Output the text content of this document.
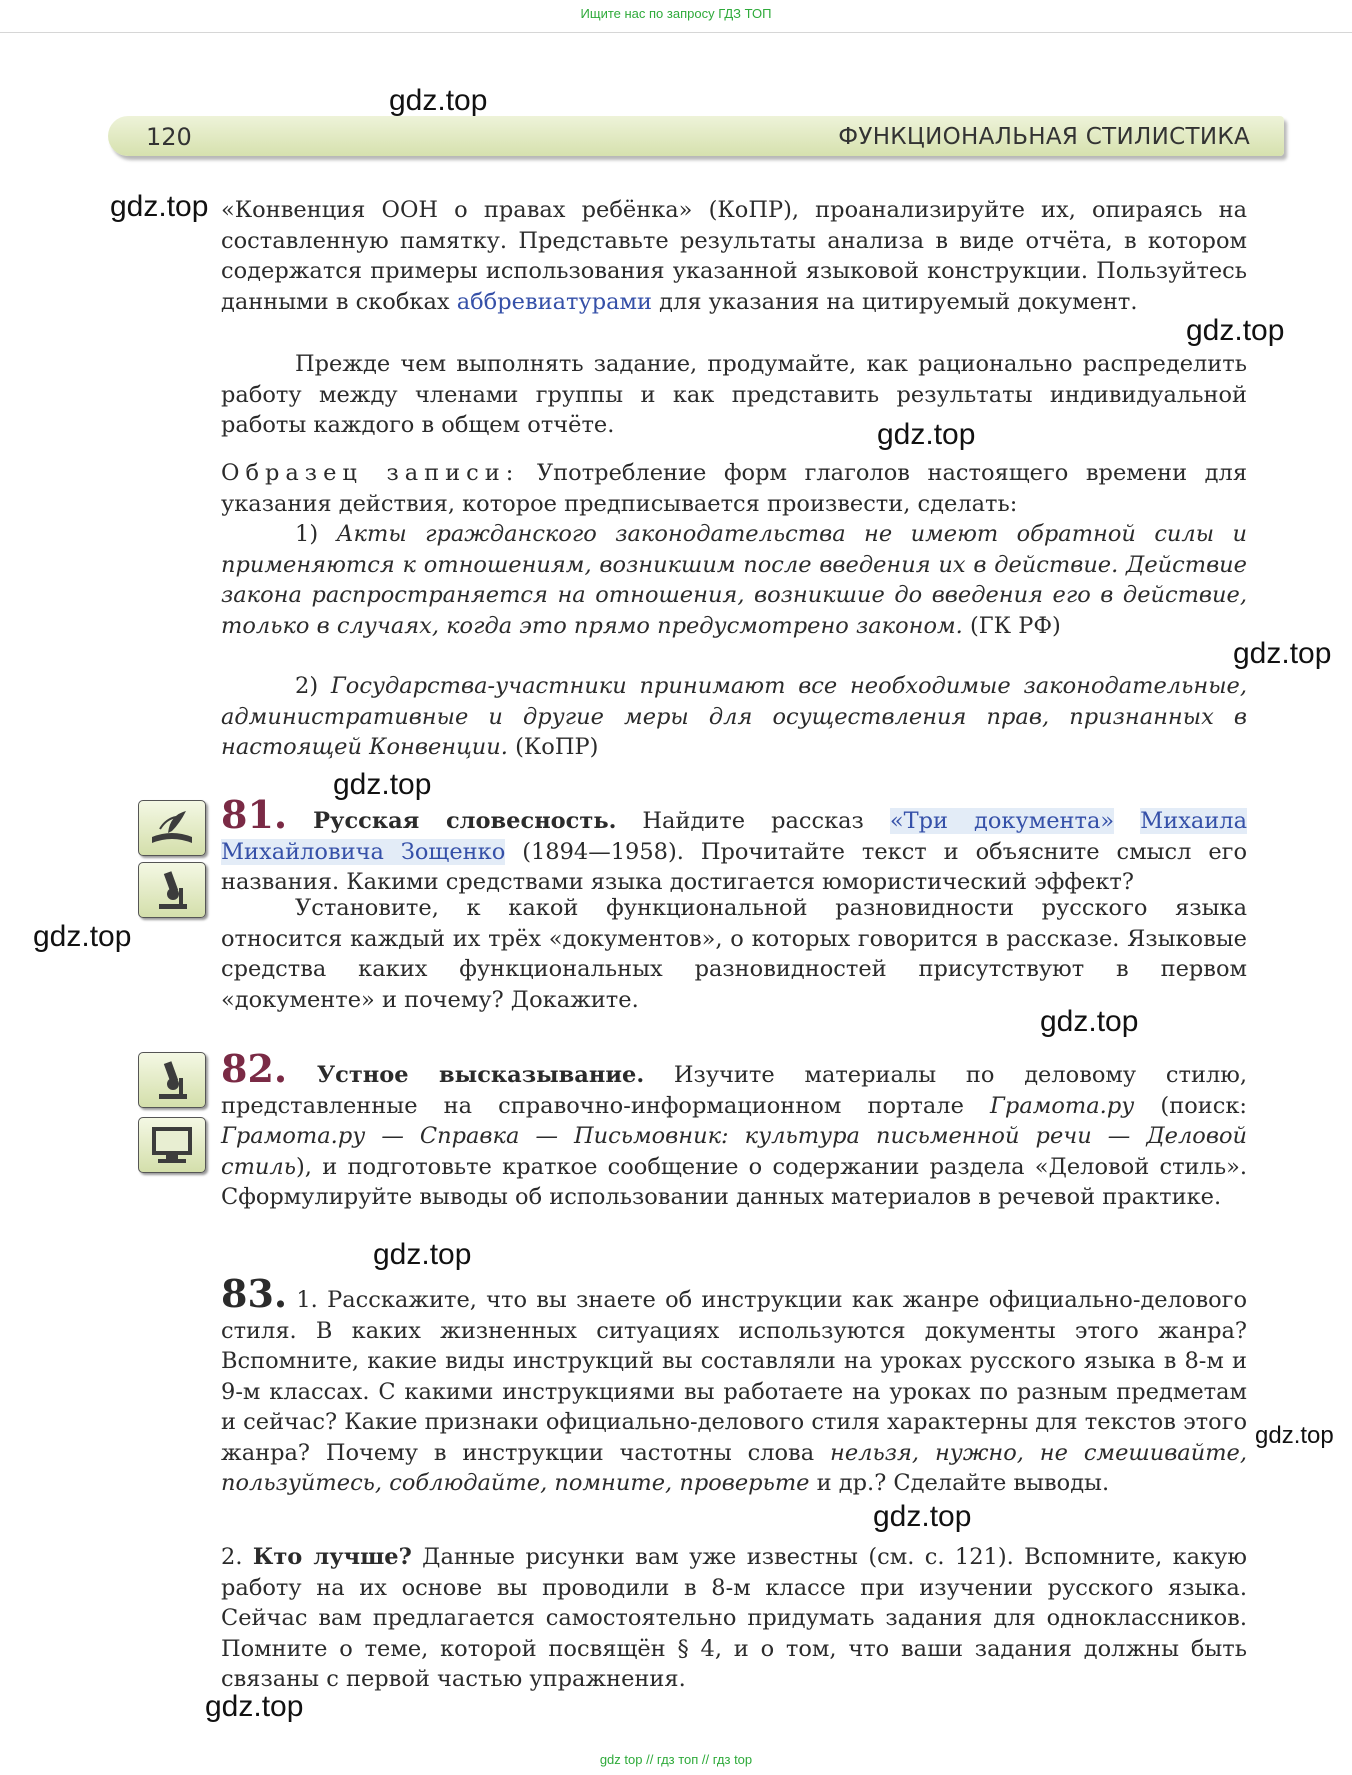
Ищите нас по запросу ГДЗ ТОП
120	ФУНКЦИОНАЛЬНАЯ СТИЛИСТИКА
gdz.top
gdz.top
gdz.top
gdz.top
gdz.top
gdz.top
gdz.top
gdz.top
gdz.top
gdz.top
gdz.top
gdz.top

«Конвенция ООН о правах ребёнка» (КоПР), проанализируйте их, опираясь на составленную памятку. Представьте результаты анализа в виде отчёта, в котором содержатся примеры использования указанной языковой конструкции. Пользуйтесь данными в скобках аббревиатурами для указания на цитируемый документ.

Прежде чем выполнять задание, продумайте, как рационально распределить работу между членами группы и как представить результаты индивидуальной работы каждого в общем отчёте.

Образец записи: Употребление форм глаголов настоящего времени для указания действия, которое предписывается произвести, сделать:

1) Акты гражданского законодательства не имеют обратной силы и применяются к отношениям, возникшим после введения их в действие. Действие закона распространяется на отношения, возникшие до введения его в действие, только в случаях, когда это прямо предусмотрено законом. (ГК РФ)

2) Государства-участники принимают все необходимые законодательные, административные и другие меры для осуществления прав, признанных в настоящей Конвенции. (КоПР)

81. Русская словесность. Найдите рассказ «Три документа» Михаила Михайловича Зощенко (1894—1958). Прочитайте текст и объясните смысл его названия. Какими средствами языка достигается юмористический эффект?

Установите, к какой функциональной разновидности русского языка относится каждый их трёх «документов», о которых говорится в рассказе. Языковые средства каких функциональных разновидностей присутствуют в первом «документе» и почему? Докажите.

82. Устное высказывание. Изучите материалы по деловому стилю, представленные на справочно-информационном портале Грамота.ру (поиск: Грамота.ру — Справка — Письмовник: культура письменной речи — Деловой стиль), и подготовьте краткое сообщение о содержании раздела «Деловой стиль». Сформулируйте выводы об использовании данных материалов в речевой практике.

83. 1. Расскажите, что вы знаете об инструкции как жанре официально-делового стиля. В каких жизненных ситуациях используются документы этого жанра? Вспомните, какие виды инструкций вы составляли на уроках русского языка в 8-м и 9-м классах. С какими инструкциями вы работаете на уроках по разным предметам и сейчас? Какие признаки официально-делового стиля характерны для текстов этого жанра? Почему в инструкции частотны слова нельзя, нужно, не смешивайте, пользуйтесь, соблюдайте, помните, проверьте и др.? Сделайте выводы.

2. Кто лучше? Данные рисунки вам уже известны (см. с. 121). Вспомните, какую работу на их основе вы проводили в 8-м классе при изучении русского языка. Сейчас вам предлагается самостоятельно придумать задания для одноклассников. Помните о теме, которой посвящён § 4, и о том, что ваши задания должны быть связаны с первой частью упражнения.

gdz top // гдз топ // гдз top
